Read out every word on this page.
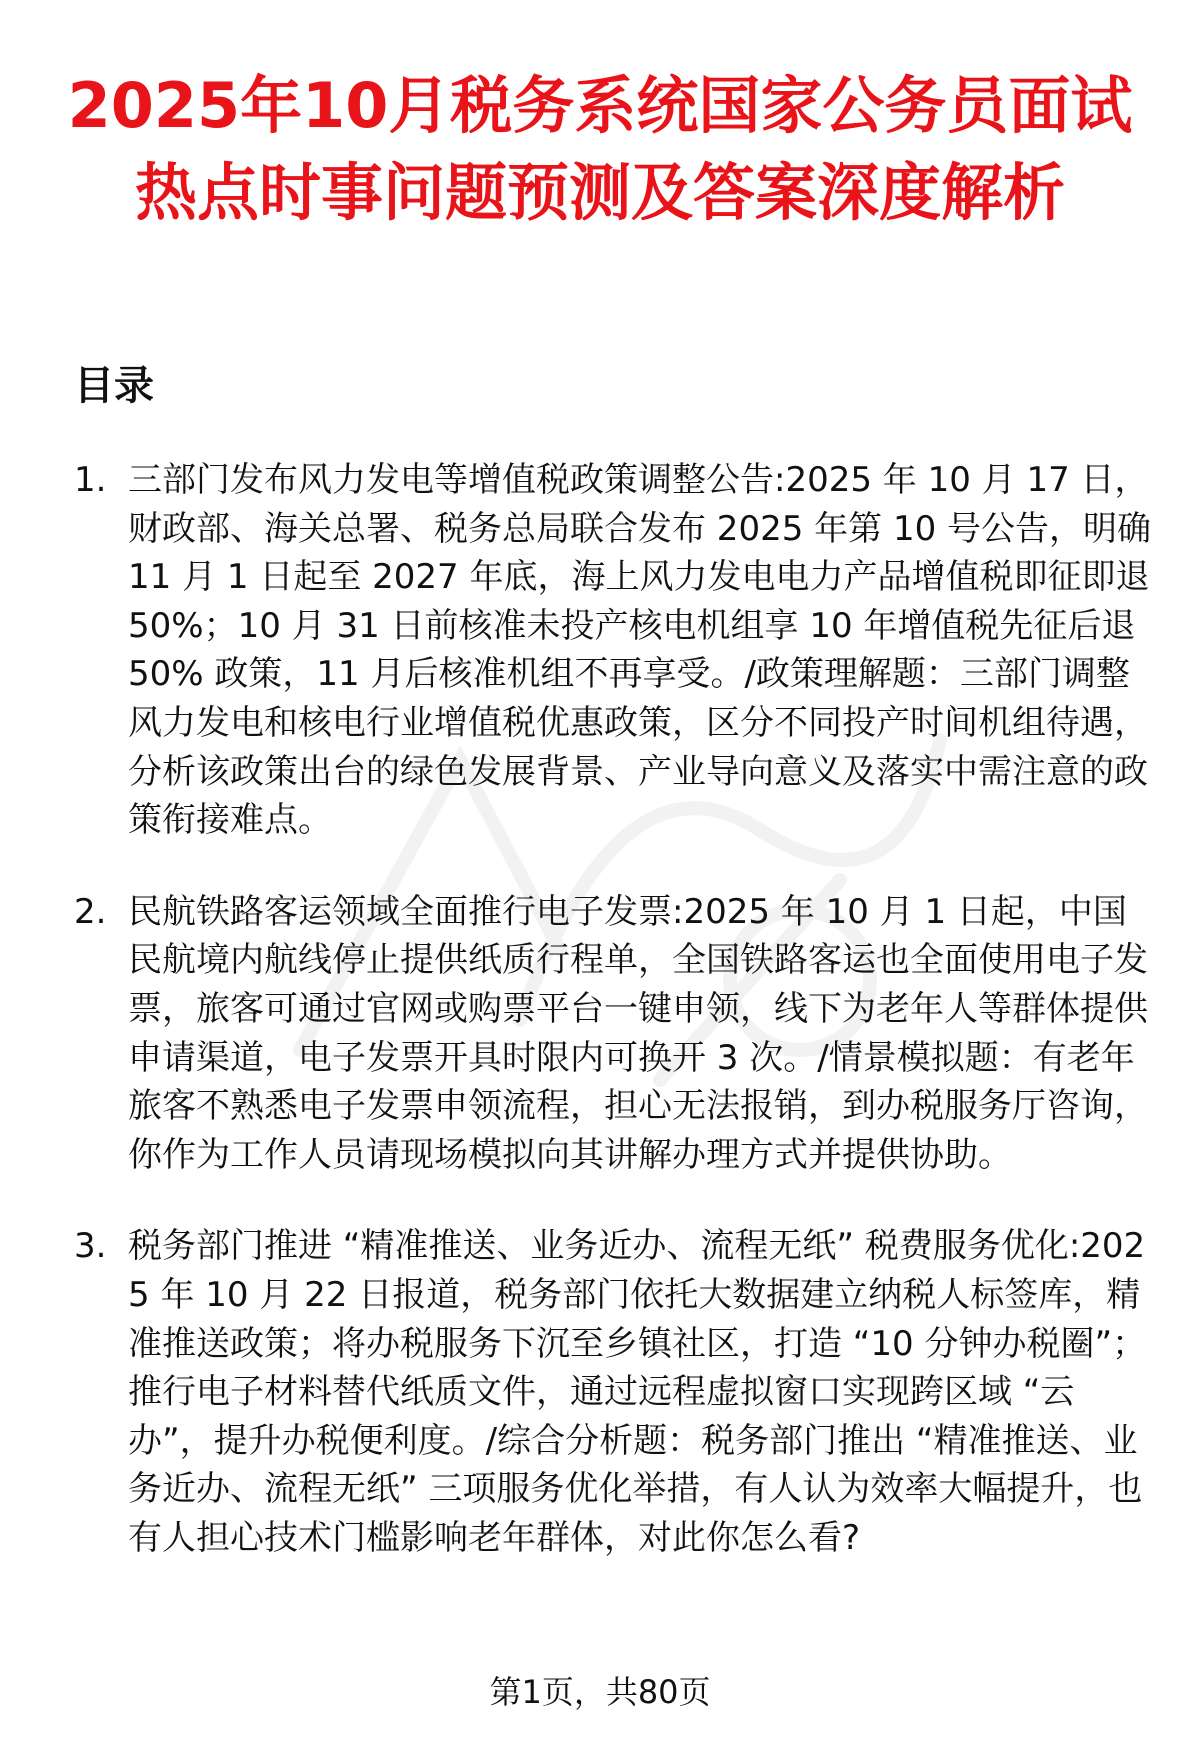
2025年10月税务系统国家公务员面试热点时事问题预测及答案深度解析
目录
1. 三部门发布风力发电等增值税政策调整公告:2025 年 10 月 17 日，财政部、海关总署、税务总局联合发布 2025 年第 10 号公告，明确 11 月 1 日起至 2027 年底，海上风力发电电力产品增值税即征即退 50%；10 月 31 日前核准未投产核电机组享 10 年增值税先征后退 50% 政策，11 月后核准机组不再享受。/政策理解题：三部门调整风力发电和核电行业增值税优惠政策，区分不同投产时间机组待遇，分析该政策出台的绿色发展背景、产业导向意义及落实中需注意的政策衔接难点。
2. 民航铁路客运领域全面推行电子发票:2025 年 10 月 1 日起，中国民航境内航线停止提供纸质行程单，全国铁路客运也全面使用电子发票，旅客可通过官网或购票平台一键申领，线下为老年人等群体提供申请渠道，电子发票开具时限内可换开 3 次。/情景模拟题：有老年旅客不熟悉电子发票申领流程，担心无法报销，到办税服务厅咨询，你作为工作人员请现场模拟向其讲解办理方式并提供协助。
3. 税务部门推进 “精准推送、业务近办、流程无纸” 税费服务优化:2025 年 10 月 22 日报道，税务部门依托大数据建立纳税人标签库，精准推送政策；将办税服务下沉至乡镇社区，打造 “10 分钟办税圈”；推行电子材料替代纸质文件，通过远程虚拟窗口实现跨区域 “云办”，提升办税便利度。/综合分析题：税务部门推出 “精准推送、业务近办、流程无纸” 三项服务优化举措，有人认为效率大幅提升，也有人担心技术门槛影响老年群体，对此你怎么看?
第1页，共80页
